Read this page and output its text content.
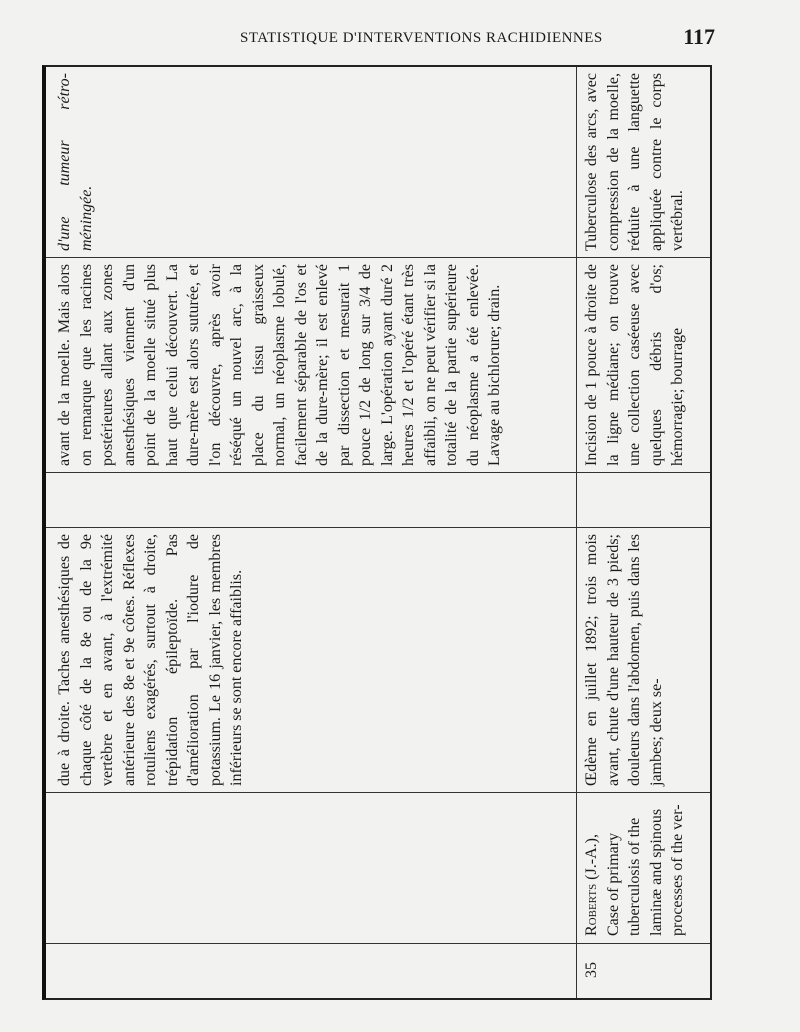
STATISTIQUE D'INTERVENTIONS RACHIDIENNES	117
due à droite. Taches anesthésiques de chaque côté de la 8e ou de la 9e vertèbre et en avant, à l'extrémité antérieure des 8e et 9e côtes. Réflexes rotuliens exagérés, surtout à droite, trépidation épileptoïde. Pas d'amélioration par l'iodure de potassium. Le 16 janvier, les membres inférieurs se sont encore affaiblis.
avant de la moelle. Mais alors on remarque que les racines postérieures allant aux zones anesthésiques viennent d'un point de la moelle situé plus haut que celui découvert. La dure-mère est alors suturée, et l'on découvre, après avoir réséqué un nouvel arc, à la place du tissu graisseux normal, un néoplasme lobulé, facilement séparable de l'os et de la dure-mère; il est enlevé par dissection et mesurait 1 pouce 1/2 de long sur 3/4 de large. L'opération ayant duré 2 heures 1/2 et l'opéré étant très affaibli, on ne peut vérifier si la totalité de la partie supérieure du néoplasme a été enlevée. Lavage au bichlorure; drain.
d'une tumeur rétro-méningée.
35
Roberts (J.-A.), Case of primary tuberculosis of the laminæ and spinous processes of the ver-
Œdème en juillet 1892; trois mois avant, chute d'une hauteur de 3 pieds; douleurs dans l'abdomen, puis dans les jambes; deux se-
Incision de 1 pouce à droite de la ligne médiane; on trouve une collection caséeuse avec quelques débris d'os; hémorragie; bourrage
Tuberculose des arcs, avec compression de la moelle, réduite à une languette appliquée contre le corps vertébral.
